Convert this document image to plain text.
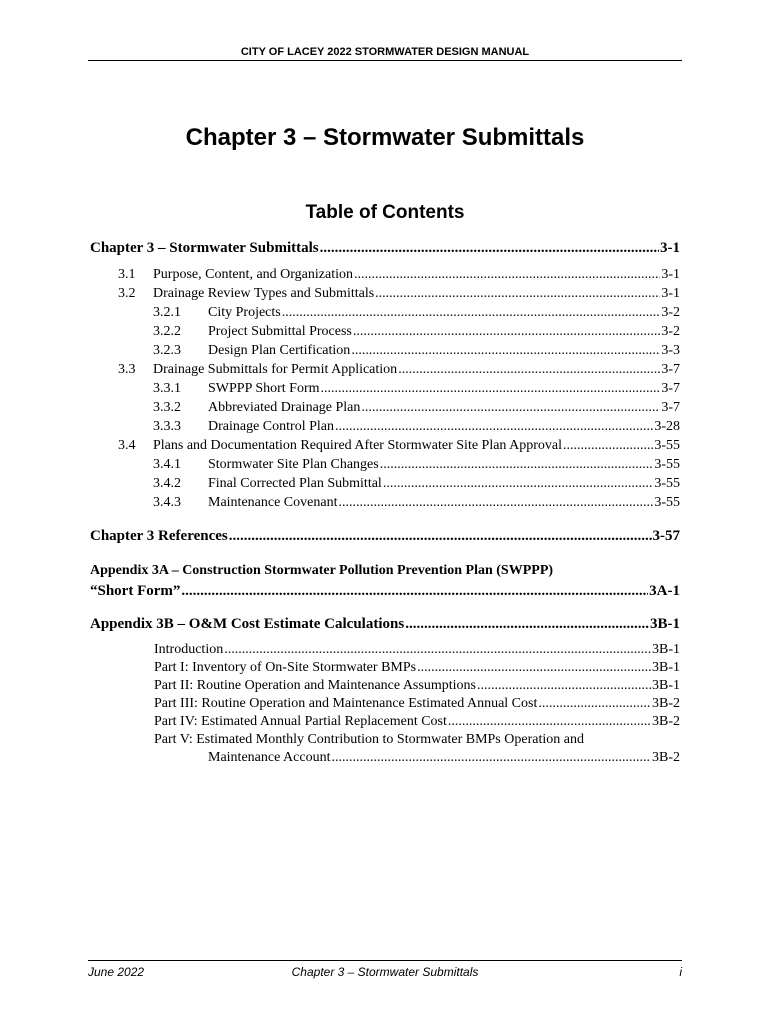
CITY OF LACEY 2022 STORMWATER DESIGN MANUAL
Chapter 3 – Stormwater Submittals
Table of Contents
Chapter 3 – Stormwater Submittals .....	3-1
3.1	Purpose, Content, and Organization .....	3-1
3.2	Drainage Review Types and Submittals .....	3-1
3.2.1	City Projects .....	3-2
3.2.2	Project Submittal Process .....	3-2
3.2.3	Design Plan Certification .....	3-3
3.3	Drainage Submittals for Permit Application .....	3-7
3.3.1	SWPPP Short Form .....	3-7
3.3.2	Abbreviated Drainage Plan .....	3-7
3.3.3	Drainage Control Plan .....	3-28
3.4	Plans and Documentation Required After Stormwater Site Plan Approval .....	3-55
3.4.1	Stormwater Site Plan Changes .....	3-55
3.4.2	Final Corrected Plan Submittal .....	3-55
3.4.3	Maintenance Covenant .....	3-55
Chapter 3 References .....	3-57
Appendix 3A – Construction Stormwater Pollution Prevention Plan (SWPPP)
“Short Form” .....	3A-1
Appendix 3B – O&M Cost Estimate Calculations .....	3B-1
Introduction .....	3B-1
Part I: Inventory of On-Site Stormwater BMPs .....	3B-1
Part II: Routine Operation and Maintenance Assumptions .....	3B-1
Part III: Routine Operation and Maintenance Estimated Annual Cost .....	3B-2
Part IV: Estimated Annual Partial Replacement Cost .....	3B-2
Part V: Estimated Monthly Contribution to Stormwater BMPs Operation and
Maintenance Account .....	3B-2
June 2022	Chapter 3 – Stormwater Submittals	i
